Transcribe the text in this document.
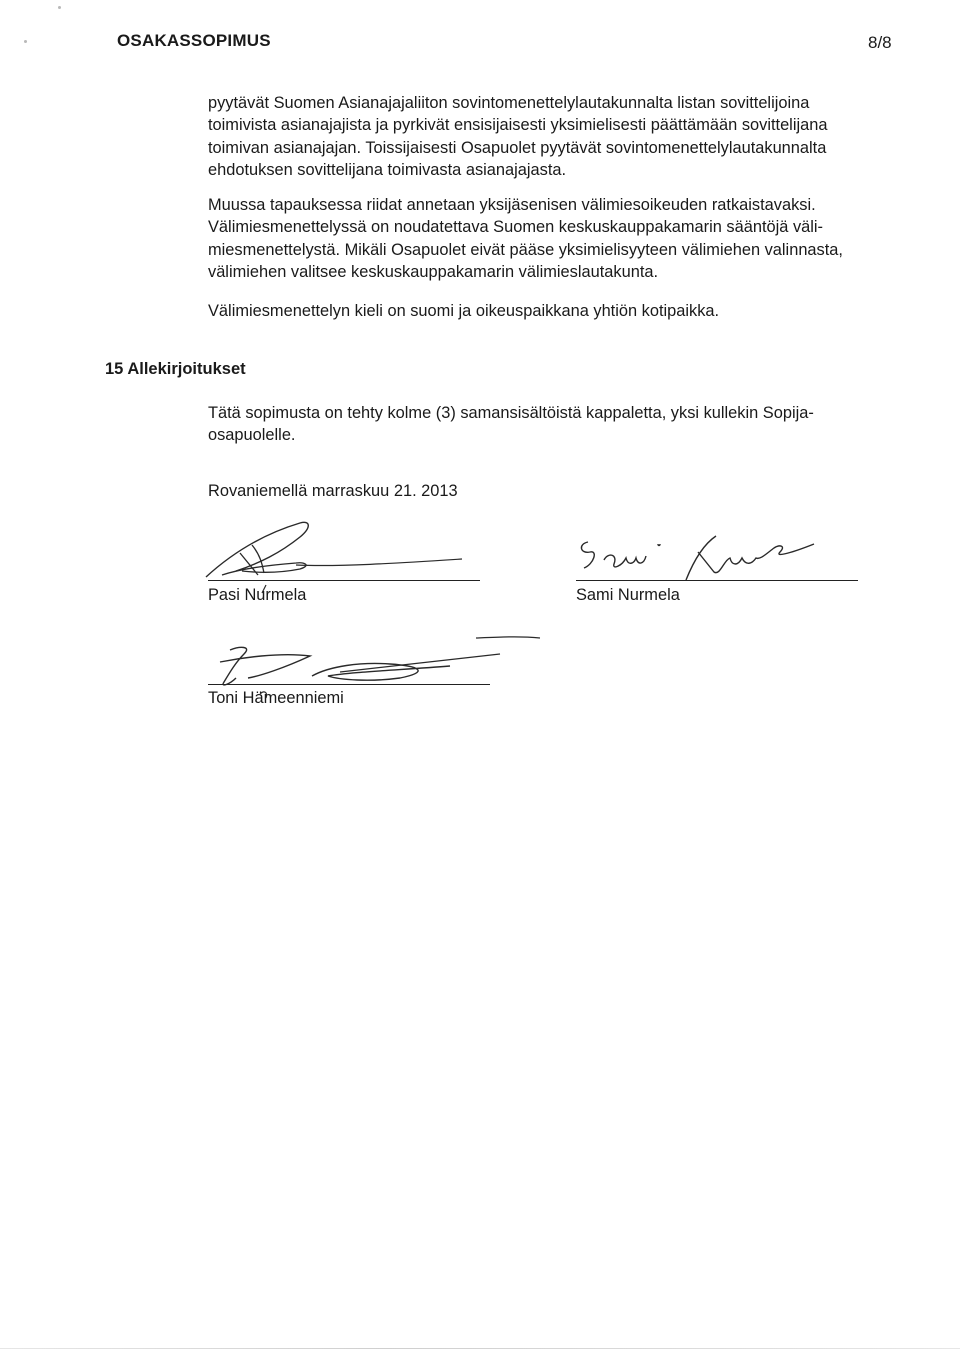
OSAKASSOPIMUS	8/8

pyytävät Suomen Asianajajaliiton sovintomenettelylautakunnalta listan sovittelijoina
toimivista asianajajista ja pyrkivät ensisijaisesti yksimielisesti päättämään sovittelijana
toimivan asianajajan. Toissijaisesti Osapuolet pyytävät sovintomenettelylautakunnalta
ehdotuksen sovittelijana toimivasta asianajajasta.

Muussa tapauksessa riidat annetaan yksijäsenisen välimiesoikeuden ratkaistavaksi.
Välimiesmenettelyssä on noudatettava Suomen keskuskauppakamarin sääntöjä väli-
miesmenettelystä. Mikäli Osapuolet eivät pääse yksimielisyyteen välimiehen valinnasta,
välimiehen valitsee keskuskauppakamarin välimieslautakunta.

Välimiesmenettelyn kieli on suomi ja oikeuspaikkana yhtiön kotipaikka.

15 Allekirjoitukset

Tätä sopimusta on tehty kolme (3) samansisältöistä kappaletta, yksi kullekin Sopija-
osapuolelle.

Rovaniemellä marraskuu 21. 2013
Pasi Nurmela	Sami Nurmela
Toni Hämeenniemi
